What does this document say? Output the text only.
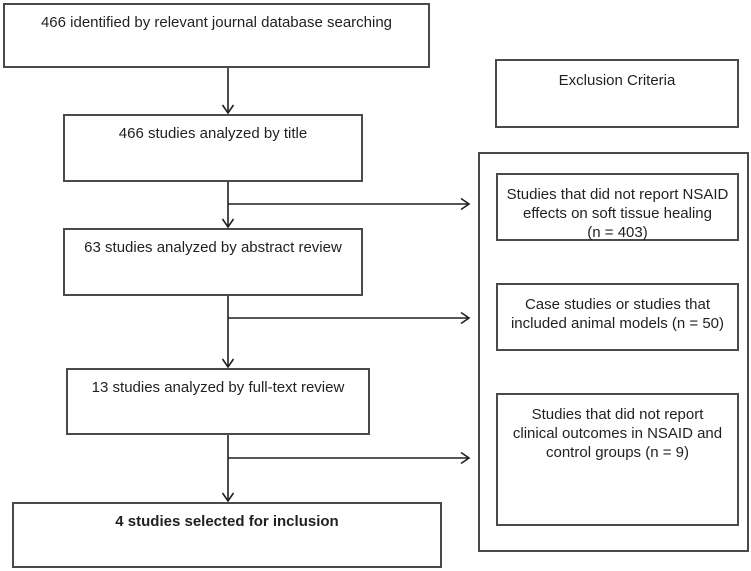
466 identified by relevant journal database searching
466 studies analyzed by title
63 studies analyzed by abstract review
13 studies analyzed by full-text review
4 studies selected for inclusion
Exclusion Criteria
Studies that did not report NSAID
effects on soft tissue healing
(n = 403)
Case studies or studies that
included animal models (n = 50)
Studies that did not report
clinical outcomes in NSAID and
control groups (n = 9)
